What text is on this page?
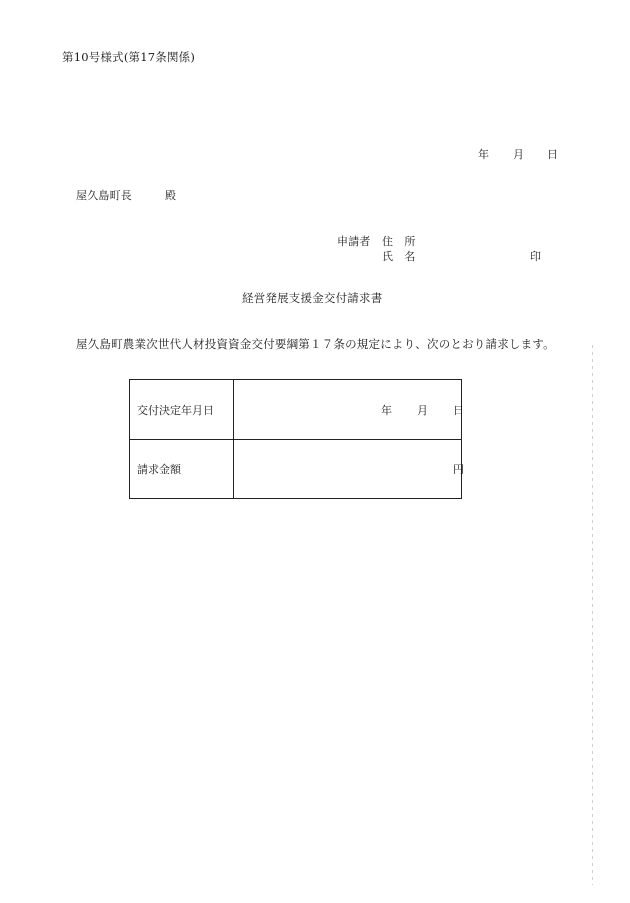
第10号様式(第17条関係)
年 月 日
屋久島町長	殿
申請者 住　所
氏　名	印
経営発展支援金交付請求書
屋久島町農業次世代人材投資資金交付要綱第１７条の規定により、次のとおり請求します。
交付決定年月日	年 月 日

請求金額	円
